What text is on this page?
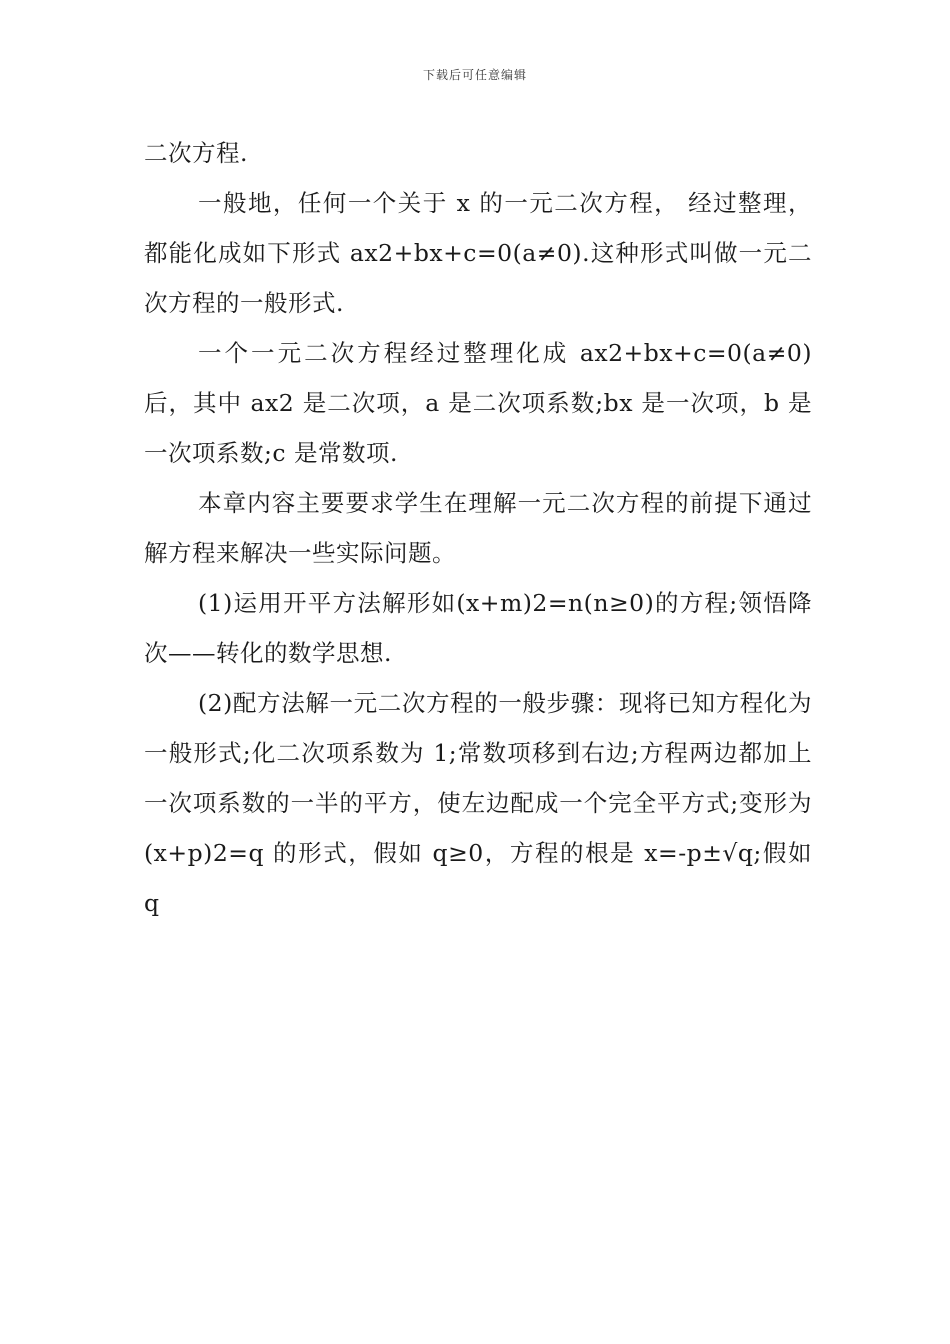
下载后可任意编辑

二次方程.

一般地，任何一个关于 x 的一元二次方程， 经过整理， 都能化成如下形式 ax2+bx+c=0(a≠0).这种形式叫做一元二次方程的一般形式.

一个一元二次方程经过整理化成 ax2+bx+c=0(a≠0)后，其中 ax2 是二次项，a 是二次项系数;bx 是一次项，b 是一次项系数;c 是常数项.

本章内容主要要求学生在理解一元二次方程的前提下通过解方程来解决一些实际问题。

(1)运用开平方法解形如(x+m)2=n(n≥0)的方程;领悟降次——转化的数学思想.

(2)配方法解一元二次方程的一般步骤：现将已知方程化为一般形式;化二次项系数为 1;常数项移到右边;方程两边都加上一次项系数的一半的平方，使左边配成一个完全平方式;变形为(x+p)2=q 的形式，假如 q≥0，方程的根是 x=-p±√q;假如 q
